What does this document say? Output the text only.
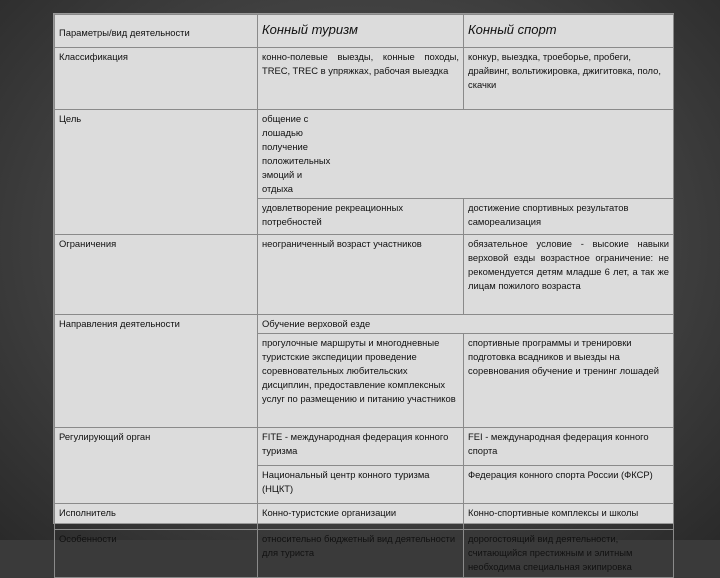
Параметры/вид деятельности	Конный туризм	Конный спорт
Классификация	конно-полевые выезды, конные походы, TREC, TREC в упряжках, рабочая выездка	конкур, выездка, троеборье, пробеги, драйвинг, вольтижировка, джигитовка, поло, скачки
Цель	общение с лошадью получение положительных эмоций и отдыха	
	удовлетворение рекреационных потребностей	достижение спортивных результатов самореализация
Ограничения	неограниченный возраст участников	обязательное условие - высокие навыки верховой езды возрастное ограничение: не рекомендуется детям младше 6 лет, а так же лицам пожилого возраста
Направления деятельности	Обучение верховой езде	
	прогулочные маршруты и многодневные туристские экспедиции проведение соревновательных любительских дисциплин, предоставление комплексных услуг по размещению и питанию участников	спортивные программы и тренировки подготовка всадников и выезды на соревнования обучение и тренинг лошадей
Регулирующий орган	FITE - международная федерация конного туризма	FEI - международная федерация конного спорта
	Национальный центр конного туризма (НЦКТ)	Федерация конного спорта России (ФКСР)
Исполнитель	Конно-туристские организации	Конно-спортивные комплексы и школы
Особенности	относительно бюджетный вид деятельности для туриста	дорогостоящий вид деятельности, считающийся престижным и элитным необходима специальная экипировка
